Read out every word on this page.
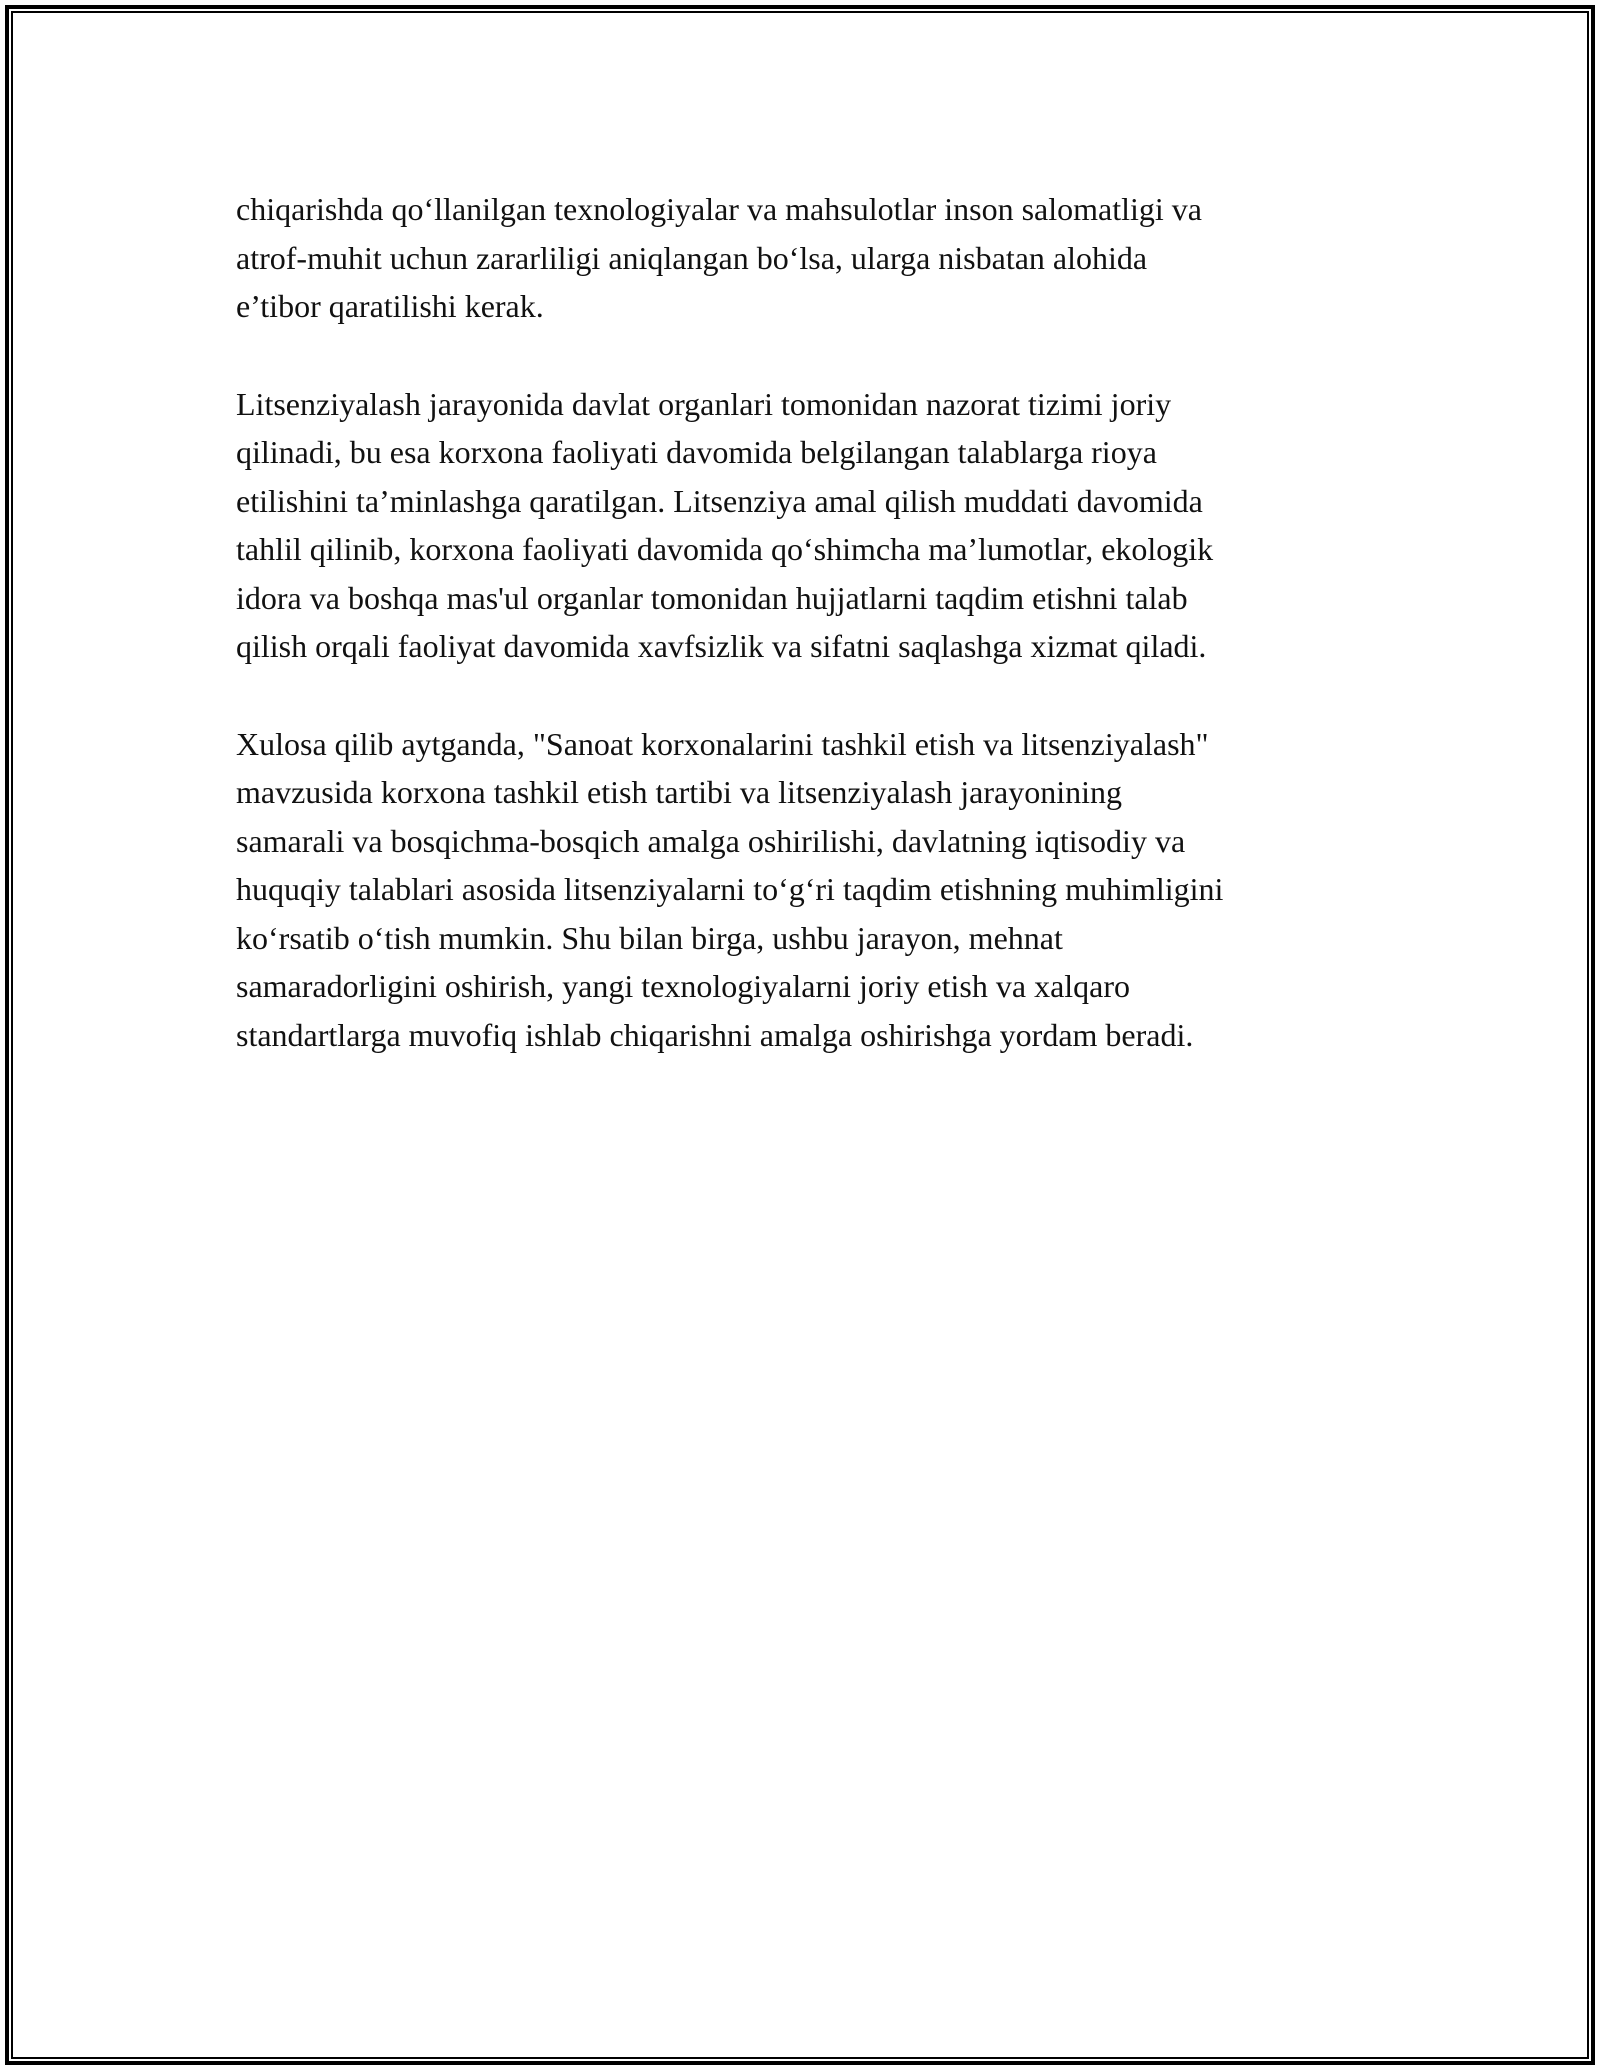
chiqarishda qo‘llanilgan texnologiyalar va mahsulotlar inson salomatligi va
atrof-muhit uchun zararliligi aniqlangan bo‘lsa, ularga nisbatan alohida
e’tibor qaratilishi kerak.

Litsenziyalash jarayonida davlat organlari tomonidan nazorat tizimi joriy
qilinadi, bu esa korxona faoliyati davomida belgilangan talablarga rioya
etilishini ta’minlashga qaratilgan. Litsenziya amal qilish muddati davomida
tahlil qilinib, korxona faoliyati davomida qo‘shimcha ma’lumotlar, ekologik
idora va boshqa mas'ul organlar tomonidan hujjatlarni taqdim etishni talab
qilish orqali faoliyat davomida xavfsizlik va sifatni saqlashga xizmat qiladi.

Xulosa qilib aytganda, "Sanoat korxonalarini tashkil etish va litsenziyalash"
mavzusida korxona tashkil etish tartibi va litsenziyalash jarayonining
samarali va bosqichma-bosqich amalga oshirilishi, davlatning iqtisodiy va
huquqiy talablari asosida litsenziyalarni to‘g‘ri taqdim etishning muhimligini
ko‘rsatib o‘tish mumkin. Shu bilan birga, ushbu jarayon, mehnat
samaradorligini oshirish, yangi texnologiyalarni joriy etish va xalqaro
standartlarga muvofiq ishlab chiqarishni amalga oshirishga yordam beradi.
